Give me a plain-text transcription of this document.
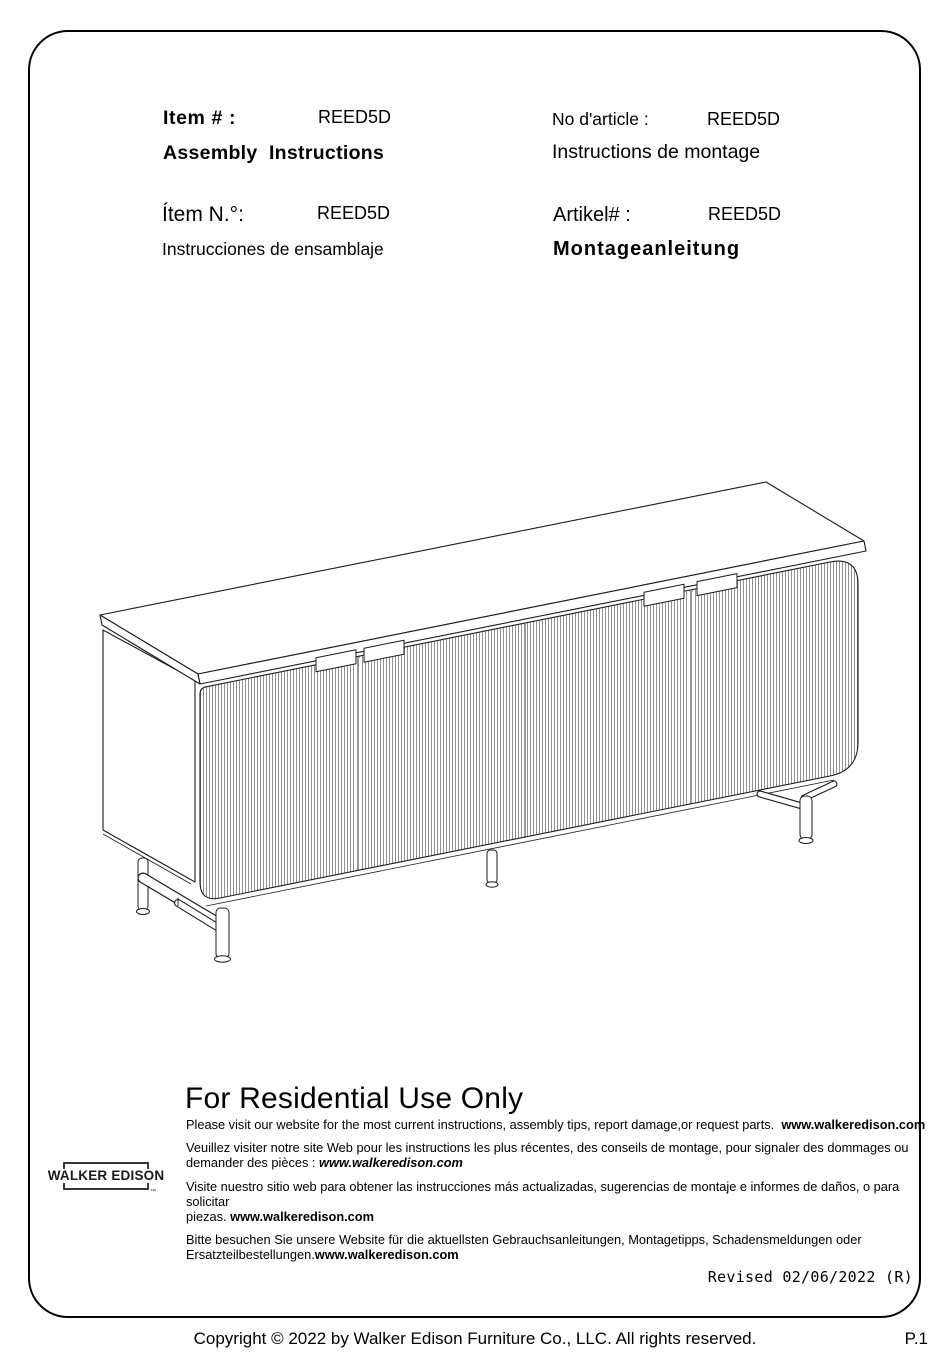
Item # :	REED5D
Assembly  Instructions
No d'article :	REED5D
Instructions de montage
Ítem N.°:	REED5D
Instrucciones de ensamblaje
Artikel# :	REED5D
Montageanleitung
For Residential Use Only

Please visit our website for the most current instructions, assembly tips, report damage,or request parts.  www.walkeredison.com

Veuillez visiter notre site Web pour les instructions les plus récentes, des conseils de montage, pour signaler des dommages ou
demander des pièces : www.walkeredison.com

Visite nuestro sitio web para obtener las instrucciones más actualizadas, sugerencias de montaje e informes de daños, o para solicitar
piezas. www.walkeredison.com

Bitte besuchen Sie unsere Website für die aktuellsten Gebrauchsanleitungen, Montagetipps, Schadensmeldungen oder
Ersatzteilbestellungen.www.walkeredison.com

WALKER EDISON
™
Revised 02/06/2022 (R)
Copyright © 2022 by Walker Edison Furniture Co., LLC. All rights reserved.	P.1
